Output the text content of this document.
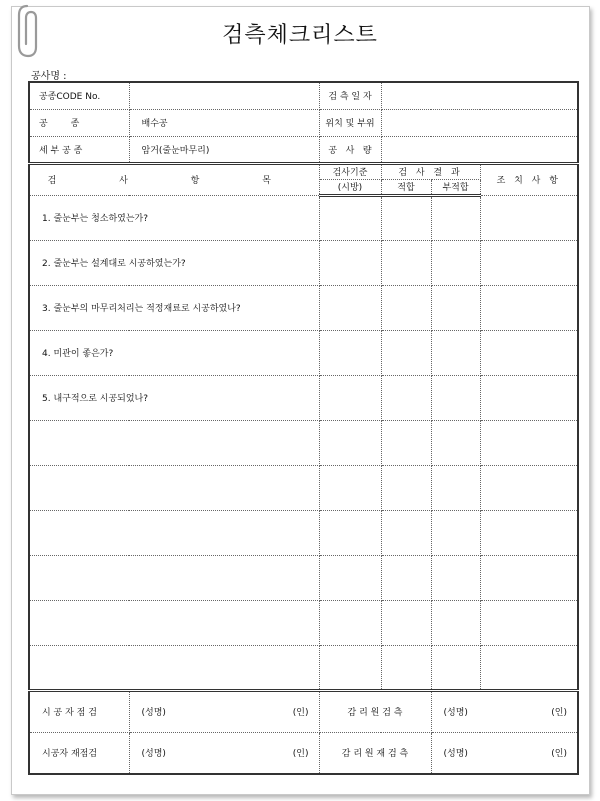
검측체크리스트
공사명 :
공종CODE No.		검 측 일 자			
공        종	배수공	위치 및 부위			
세 부 공 종	암거(줄눈마무리)	공   사   량			
검 사 항 목		검사기준	검 사 결 과		조 치 사 항
		(시방)	적합	부적합	
1. 줄눈부는 청소하였는가?					
2. 줄눈부는 설계대로 시공하였는가?					
3. 줄눈부의 마무리처리는 적정재료로 시공하였나?					
4. 미관이 좋은가?					
5. 내구적으로 시공되었나?					

시 공 자 점 검	(성명) (인)	감 리 원 검 측		(성명) (인)	

시공자 재점검	(성명) (인)	감 리 원 재 검 측		(성명) (인)	
